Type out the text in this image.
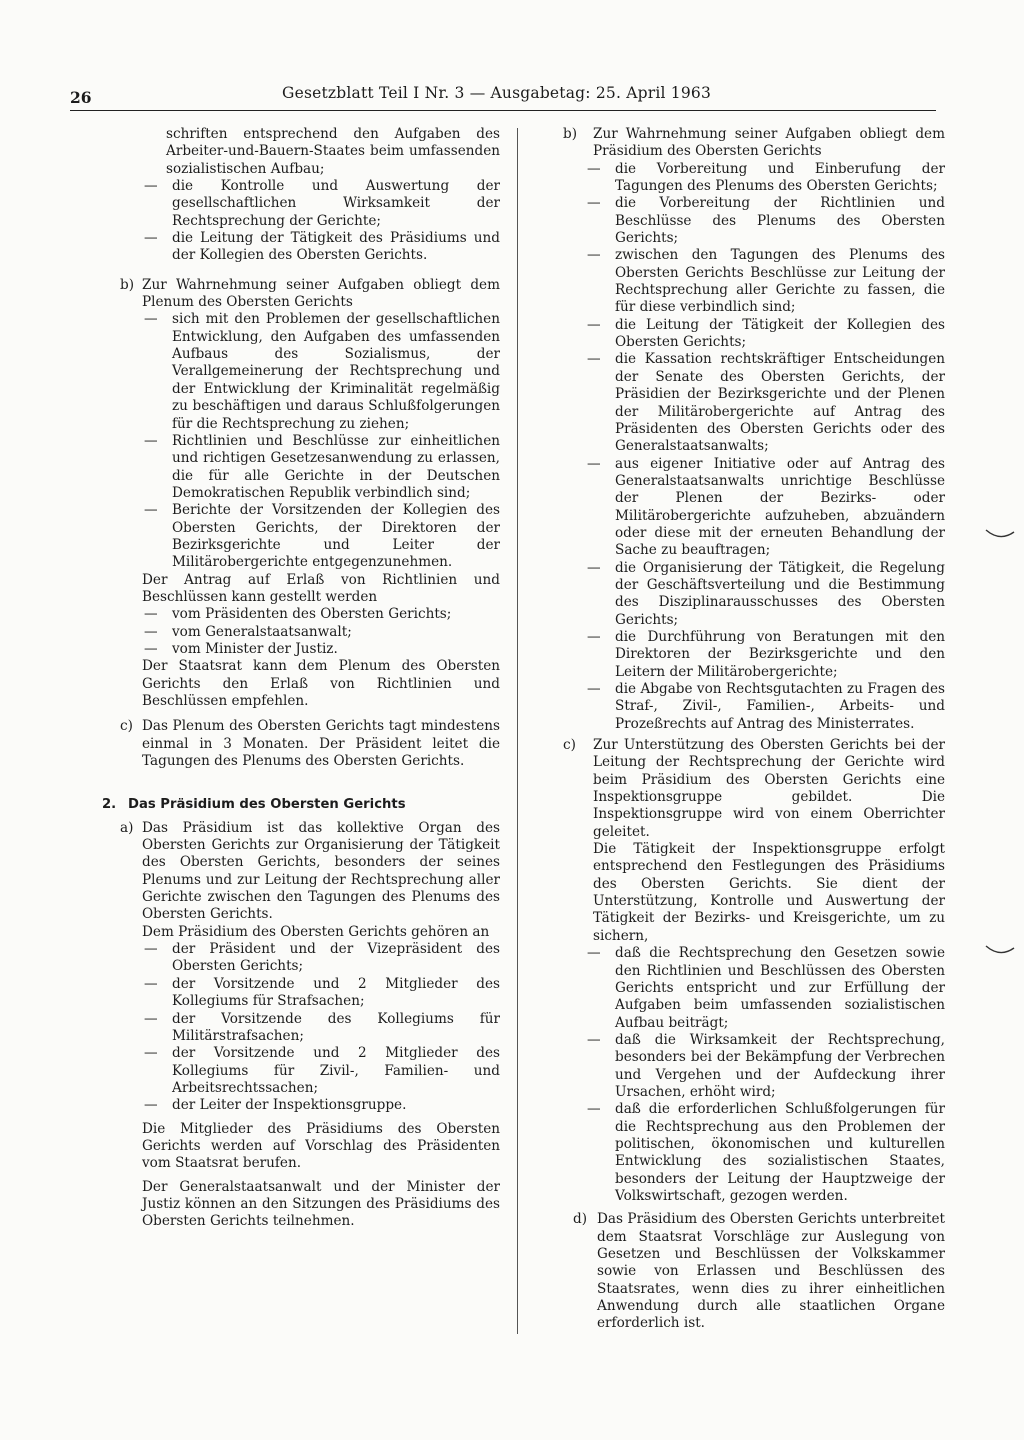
26	Gesetzblatt Teil I Nr. 3 — Ausgabetag: 25. April 1963

schriften entsprechend den Aufgaben des Arbeiter-und-Bauern-Staates beim umfassenden sozialistischen Aufbau;

— die Kontrolle und Auswertung der gesellschaftlichen Wirksamkeit der Rechtsprechung der Gerichte;
— die Leitung der Tätigkeit des Präsidiums und der Kollegien des Obersten Gerichts.
b) Zur Wahrnehmung seiner Aufgaben obliegt dem Plenum des Obersten Gerichts

— sich mit den Problemen der gesellschaftlichen Entwicklung, den Aufgaben des umfassenden Aufbaus des Sozialismus, der Verallgemeinerung der Rechtsprechung und der Entwicklung der Kriminalität regelmäßig zu beschäftigen und daraus Schlußfolgerungen für die Rechtsprechung zu ziehen;
— Richtlinien und Beschlüsse zur einheitlichen und richtigen Gesetzesanwendung zu erlassen, die für alle Gerichte in der Deutschen Demokratischen Republik verbindlich sind;
— Berichte der Vorsitzenden der Kollegien des Obersten Gerichts, der Direktoren der Bezirksgerichte und Leiter der Militärobergerichte entgegenzunehmen.

Der Antrag auf Erlaß von Richtlinien und Beschlüssen kann gestellt werden

— vom Präsidenten des Obersten Gerichts;
— vom Generalstaatsanwalt;
— vom Minister der Justiz.

Der Staatsrat kann dem Plenum des Obersten Gerichts den Erlaß von Richtlinien und Beschlüssen empfehlen.

c) Das Plenum des Obersten Gerichts tagt mindestens einmal in 3 Monaten. Der Präsident leitet die Tagungen des Plenums des Obersten Gerichts.

2. Das Präsidium des Obersten Gerichts
a) Das Präsidium ist das kollektive Organ des Obersten Gerichts zur Organisierung der Tätigkeit des Obersten Gerichts, besonders der seines Plenums und zur Leitung der Rechtsprechung aller Gerichte zwischen den Tagungen des Plenums des Obersten Gerichts.

Dem Präsidium des Obersten Gerichts gehören an

— der Präsident und der Vizepräsident des Obersten Gerichts;
— der Vorsitzende und 2 Mitglieder des Kollegiums für Strafsachen;
— der Vorsitzende des Kollegiums für Militärstrafsachen;
— der Vorsitzende und 2 Mitglieder des Kollegiums für Zivil-, Familien- und Arbeitsrechtssachen;
— der Leiter der Inspektionsgruppe.

Die Mitglieder des Präsidiums des Obersten Gerichts werden auf Vorschlag des Präsidenten vom Staatsrat berufen.

Der Generalstaatsanwalt und der Minister der Justiz können an den Sitzungen des Präsidiums des Obersten Gerichts teilnehmen.

b) Zur Wahrnehmung seiner Aufgaben obliegt dem Präsidium des Obersten Gerichts

— die Vorbereitung und Einberufung der Tagungen des Plenums des Obersten Gerichts;
— die Vorbereitung der Richtlinien und Beschlüsse des Plenums des Obersten Gerichts;
— zwischen den Tagungen des Plenums des Obersten Gerichts Beschlüsse zur Leitung der Rechtsprechung aller Gerichte zu fassen, die für diese verbindlich sind;
— die Leitung der Tätigkeit der Kollegien des Obersten Gerichts;
— die Kassation rechtskräftiger Entscheidungen der Senate des Obersten Gerichts, der Präsidien der Bezirksgerichte und der Plenen der Militärobergerichte auf Antrag des Präsidenten des Obersten Gerichts oder des Generalstaatsanwalts;
— aus eigener Initiative oder auf Antrag des Generalstaatsanwalts unrichtige Beschlüsse der Plenen der Bezirks- oder Militärobergerichte aufzuheben, abzuändern oder diese mit der erneuten Behandlung der Sache zu beauftragen;
— die Organisierung der Tätigkeit, die Regelung der Geschäftsverteilung und die Bestimmung des Disziplinarausschusses des Obersten Gerichts;
— die Durchführung von Beratungen mit den Direktoren der Bezirksgerichte und den Leitern der Militärobergerichte;
— die Abgabe von Rechtsgutachten zu Fragen des Straf-, Zivil-, Familien-, Arbeits- und Prozeßrechts auf Antrag des Ministerrates.
c) Zur Unterstützung des Obersten Gerichts bei der Leitung der Rechtsprechung der Gerichte wird beim Präsidium des Obersten Gerichts eine Inspektionsgruppe gebildet. Die Inspektionsgruppe wird von einem Oberrichter geleitet.

Die Tätigkeit der Inspektionsgruppe erfolgt entsprechend den Festlegungen des Präsidiums des Obersten Gerichts. Sie dient der Unterstützung, Kontrolle und Auswertung der Tätigkeit der Bezirks- und Kreisgerichte, um zu sichern,

— daß die Rechtsprechung den Gesetzen sowie den Richtlinien und Beschlüssen des Obersten Gerichts entspricht und zur Erfüllung der Aufgaben beim umfassenden sozialistischen Aufbau beiträgt;
— daß die Wirksamkeit der Rechtsprechung, besonders bei der Bekämpfung der Verbrechen und Vergehen und der Aufdeckung ihrer Ursachen, erhöht wird;
— daß die erforderlichen Schlußfolgerungen für die Rechtsprechung aus den Problemen der politischen, ökonomischen und kulturellen Entwicklung des sozialistischen Staates, besonders der Leitung der Hauptzweige der Volkswirtschaft, gezogen werden.
d) Das Präsidium des Obersten Gerichts unterbreitet dem Staatsrat Vorschläge zur Auslegung von Gesetzen und Beschlüssen der Volkskammer sowie von Erlassen und Beschlüssen des Staatsrates, wenn dies zu ihrer einheitlichen Anwendung durch alle staatlichen Organe erforderlich ist.
